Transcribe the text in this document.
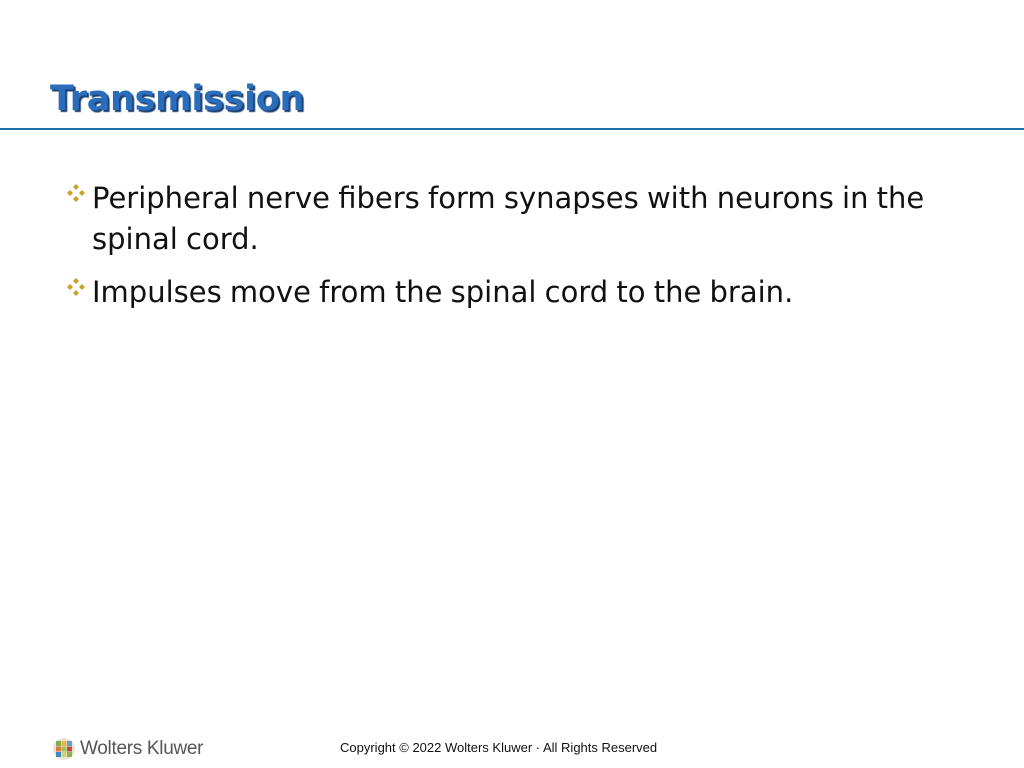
Transmission
Peripheral nerve fibers form synapses with neurons in the spinal cord.
Impulses move from the spinal cord to the brain.
Wolters Kluwer	Copyright © 2022 Wolters Kluwer · All Rights Reserved
